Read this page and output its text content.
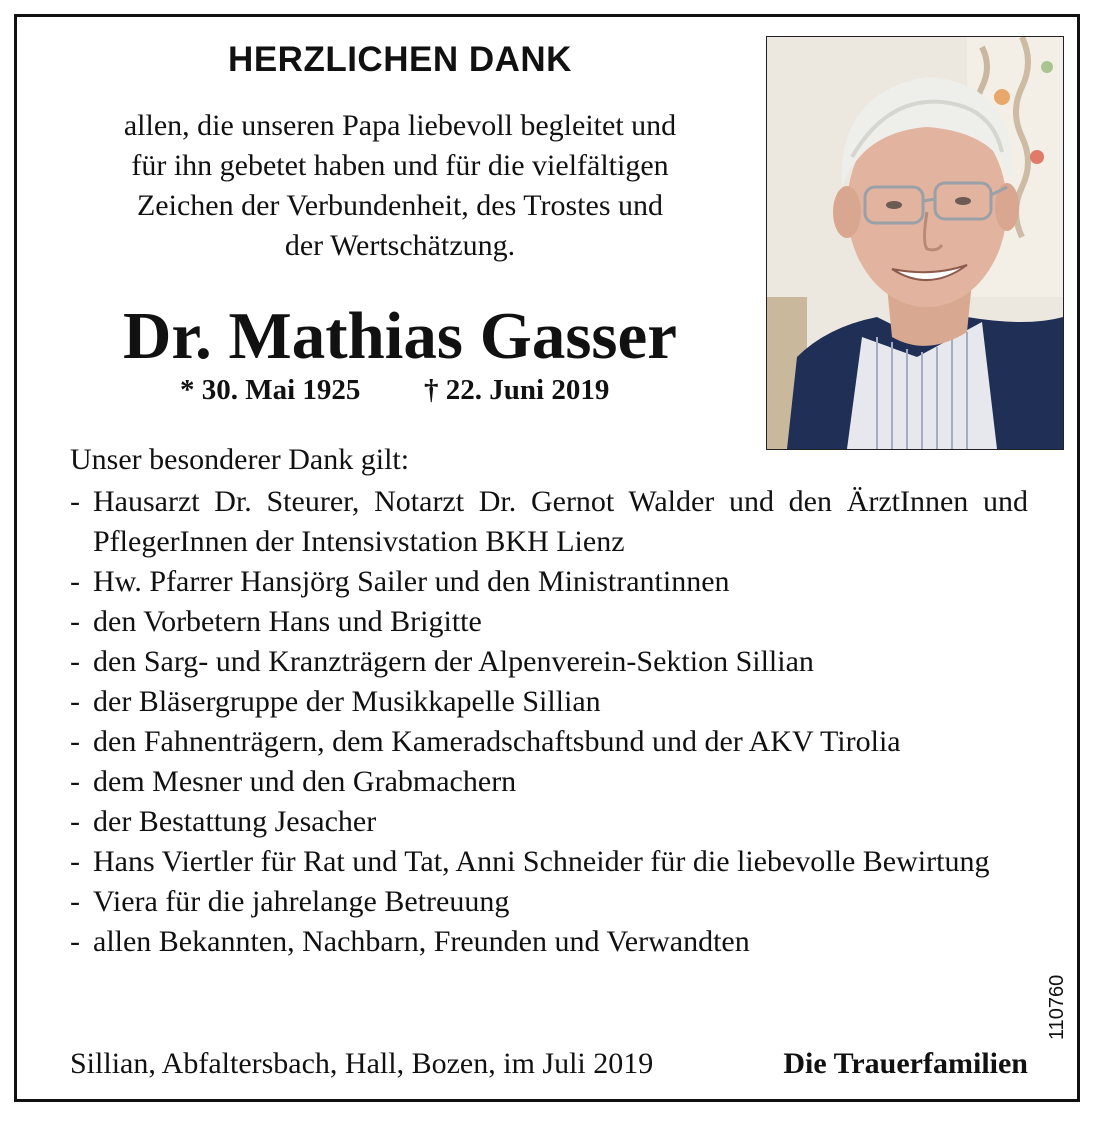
HERZLICHEN DANK
allen, die unseren Papa liebevoll begleitet und
für ihn gebetet haben und für die vielfältigen
Zeichen der Verbundenheit, des Trostes und
der Wertschätzung.
Dr. Mathias Gasser
* 30. Mai 1925 † 22. Juni 2019
Unser besonderer Dank gilt:
- Hausarzt Dr. Steurer, Notarzt Dr. Gernot Walder und den ÄrztInnen und PflegerInnen der Intensivstation BKH Lienz
- Hw. Pfarrer Hansjörg Sailer und den Ministrantinnen
- den Vorbetern Hans und Brigitte
- den Sarg- und Kranzträgern der Alpenverein-Sektion Sillian
- der Bläsergruppe der Musikkapelle Sillian
- den Fahnenträgern, dem Kameradschaftsbund und der AKV Tirolia
- dem Mesner und den Grabmachern
- der Bestattung Jesacher
- Hans Viertler für Rat und Tat, Anni Schneider für die liebevolle Bewirtung
- Viera für die jahrelange Betreuung
- allen Bekannten, Nachbarn, Freunden und Verwandten
Sillian, Abfaltersbach, Hall, Bozen, im Juli 2019	Die Trauerfamilien
110760
